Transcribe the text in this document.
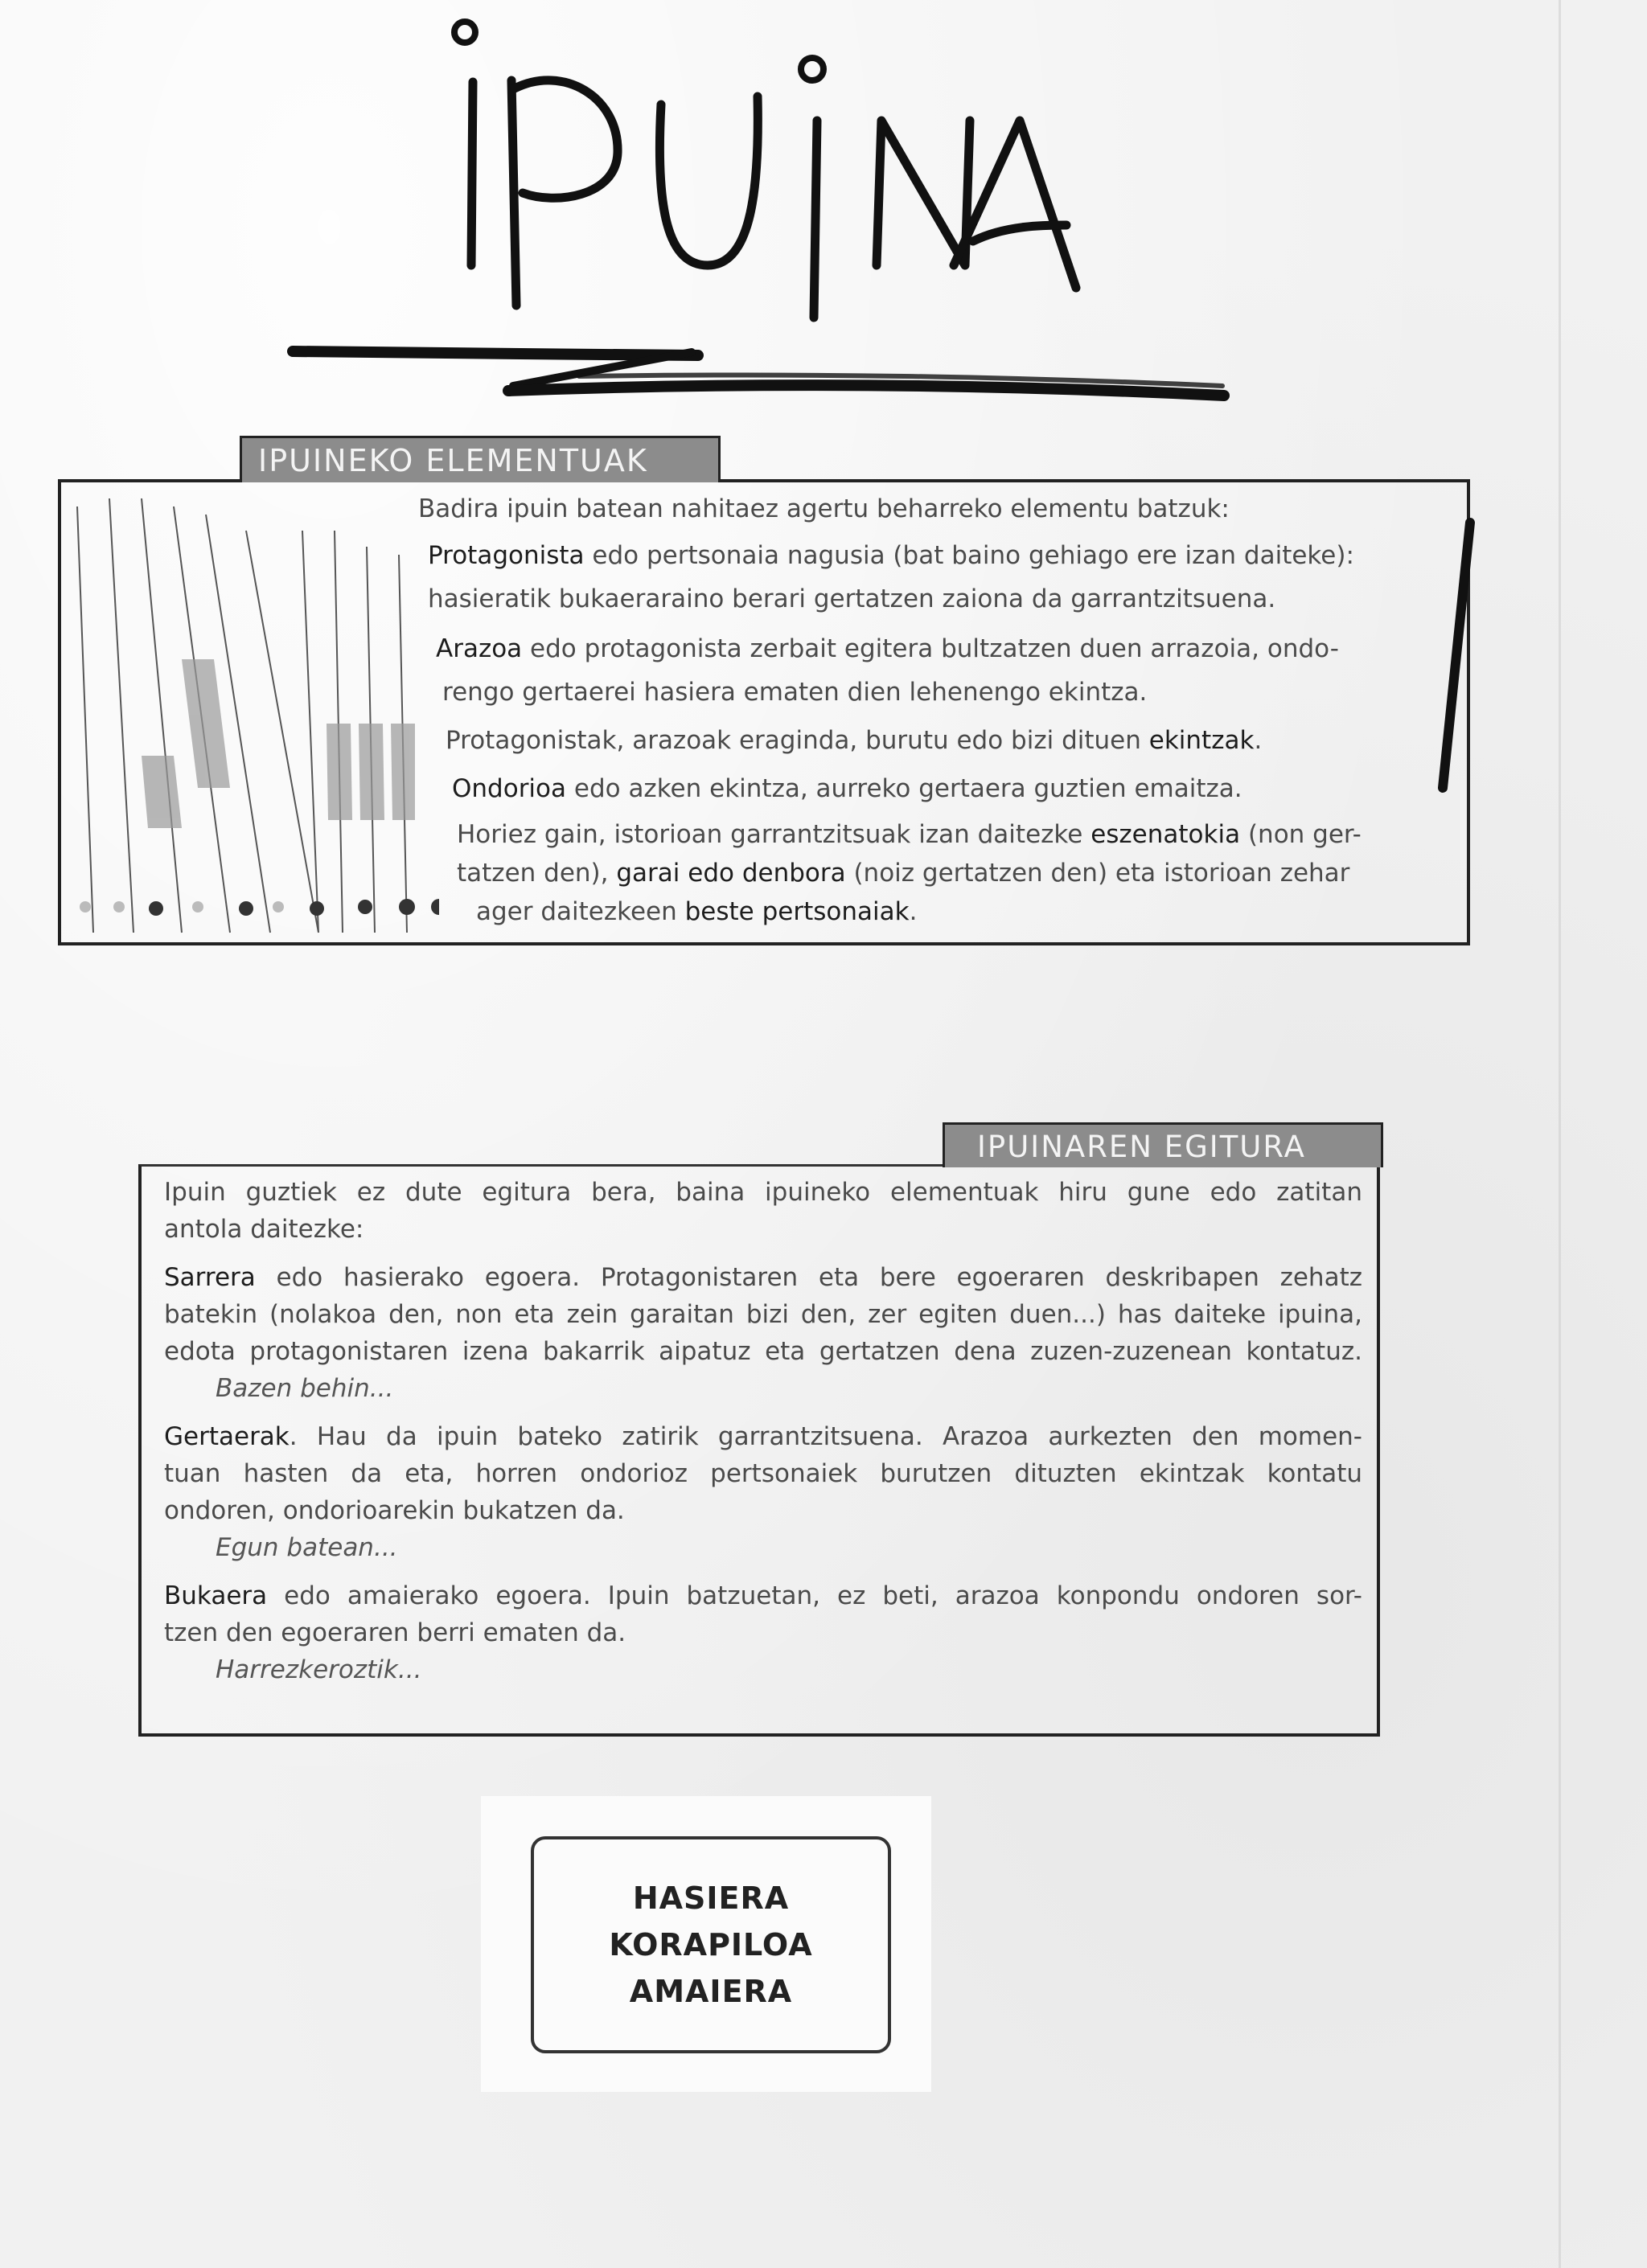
IPUINA
IPUINEKO ELEMENTUAK

Badira ipuin batean nahitaez agertu beharreko elementu batzuk:

Protagonista edo pertsonaia nagusia (bat baino gehiago ere izan daiteke):

hasieratik bukaeraraino berari gertatzen zaiona da garrantzitsuena.

Arazoa edo protagonista zerbait egitera bultzatzen duen arrazoia, ondo-

rengo gertaerei hasiera ematen dien lehenengo ekintza.

Protagonistak, arazoak eraginda, burutu edo bizi dituen ekintzak.

Ondorioa edo azken ekintza, aurreko gertaera guztien emaitza.

Horiez gain, istorioan garrantzitsuak izan daitezke eszenatokia (non ger-

tatzen den), garai edo denbora (noiz gertatzen den) eta istorioan zehar

ager daitezkeen beste pertsonaiak.

IPUINAREN EGITURA
Ipuin guztiek ez dute egitura bera, baina ipuineko elementuak hiru gune edo zatitan
antola daitezke:
Sarrera edo hasierako egoera. Protagonistaren eta bere egoeraren deskribapen zehatz
batekin (nolakoa den, non eta zein garaitan bizi den, zer egiten duen...) has daiteke ipuina,
edota protagonistaren izena bakarrik aipatuz eta gertatzen dena zuzen-zuzenean kontatuz.
Bazen behin...
Gertaerak. Hau da ipuin bateko zatirik garrantzitsuena. Arazoa aurkezten den momen-
tuan hasten da eta, horren ondorioz pertsonaiek burutzen dituzten ekintzak kontatu
ondoren, ondorioarekin bukatzen da.
Egun batean...
Bukaera edo amaierako egoera. Ipuin batzuetan, ez beti, arazoa konpondu ondoren sor-
tzen den egoeraren berri ematen da.
Harrezkeroztik...
HASIERA
KORAPILOA
AMAIERA
